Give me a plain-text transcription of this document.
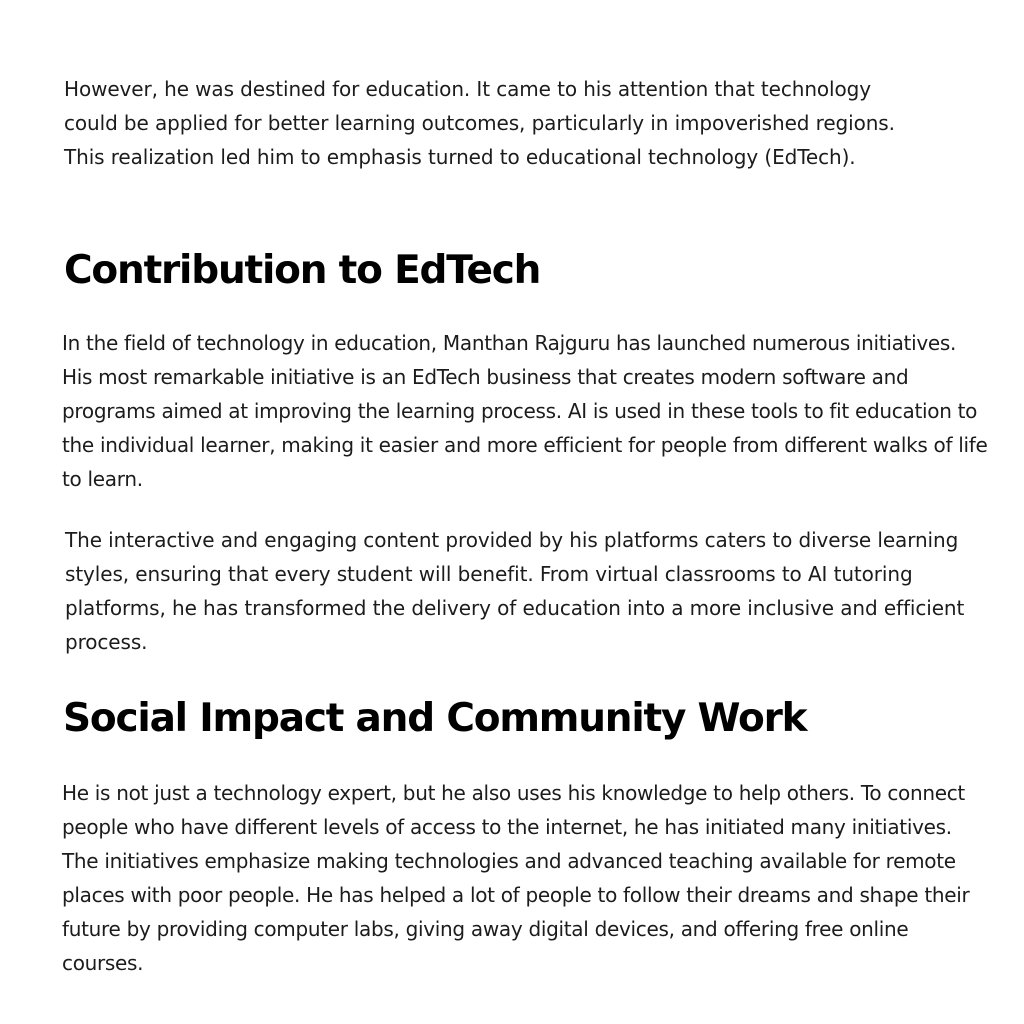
However, he was destined for education. It came to his attention that technology could be applied for better learning outcomes, particularly in impoverished regions. This realization led him to emphasis turned to educational technology (EdTech).

Contribution to EdTech

In the field of technology in education, Manthan Rajguru has launched numerous initiatives. His most remarkable initiative is an EdTech business that creates modern software and programs aimed at improving the learning process. AI is used in these tools to fit education to the individual learner, making it easier and more efficient for people from different walks of life to learn.

The interactive and engaging content provided by his platforms caters to diverse learning styles, ensuring that every student will benefit. From virtual classrooms to AI tutoring platforms, he has transformed the delivery of education into a more inclusive and efficient process.

Social Impact and Community Work

He is not just a technology expert, but he also uses his knowledge to help others. To connect people who have different levels of access to the internet, he has initiated many initiatives. The initiatives emphasize making technologies and advanced teaching available for remote places with poor people. He has helped a lot of people to follow their dreams and shape their future by providing computer labs, giving away digital devices, and offering free online courses.
